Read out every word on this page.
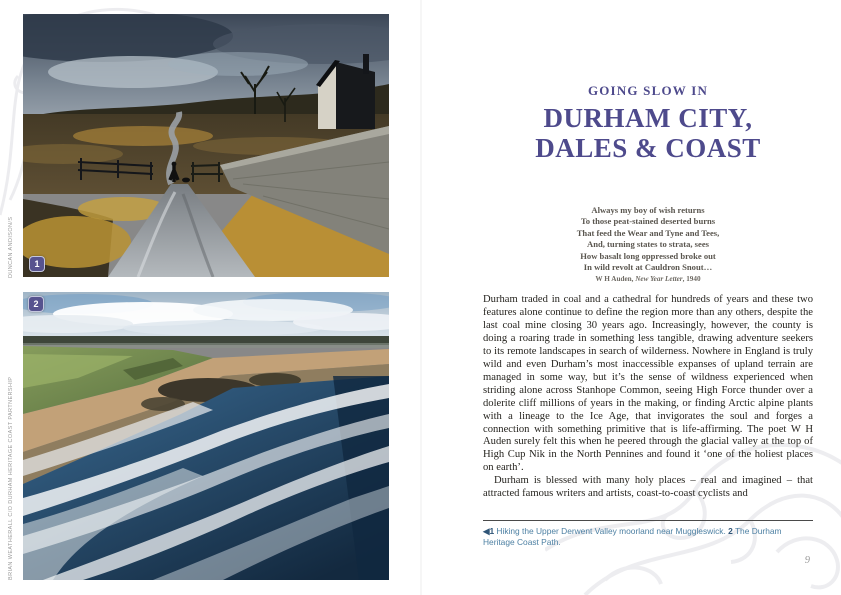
1
2
DUNCAN ANDISON/S
BRIAN WEATHERALL C/O DURHAM HERITAGE COAST PARTNERSHIP
GOING SLOW IN
DURHAM CITY,
DALES & COAST
Always my boy of wish returns
To those peat-stained deserted burns
That feed the Wear and Tyne and Tees,
And, turning states to strata, sees
How basalt long oppressed broke out
In wild revolt at Cauldron Snout…
W H Auden, New Year Letter, 1940

Durham traded in coal and a cathedral for hundreds of years and these two features alone continue to define the region more than any others, despite the last coal mine closing 30 years ago. Increasingly, however, the county is doing a roaring trade in something less tangible, drawing adventure seekers to its remote landscapes in search of wilderness. Nowhere in England is truly wild and even Durham’s most inaccessible expanses of upland terrain are managed in some way, but it’s the sense of wildness experienced when striding alone across Stanhope Common, seeing High Force thunder over a dolerite cliff millions of years in the making, or finding Arctic alpine plants with a lineage to the Ice Age, that invigorates the soul and forges a connection with something primitive that is life-affirming. The poet W H Auden surely felt this when he peered through the glacial valley at the top of High Cup Nik in the North Pennines and found it ‘one of the holiest places on earth’.

Durham is blessed with many holy places – real and imagined – that attracted famous writers and artists, coast-to-coast cyclists and

◀1 Hiking the Upper Derwent Valley moorland near Muggleswick. 2 The Durham Heritage Coast Path.
9
